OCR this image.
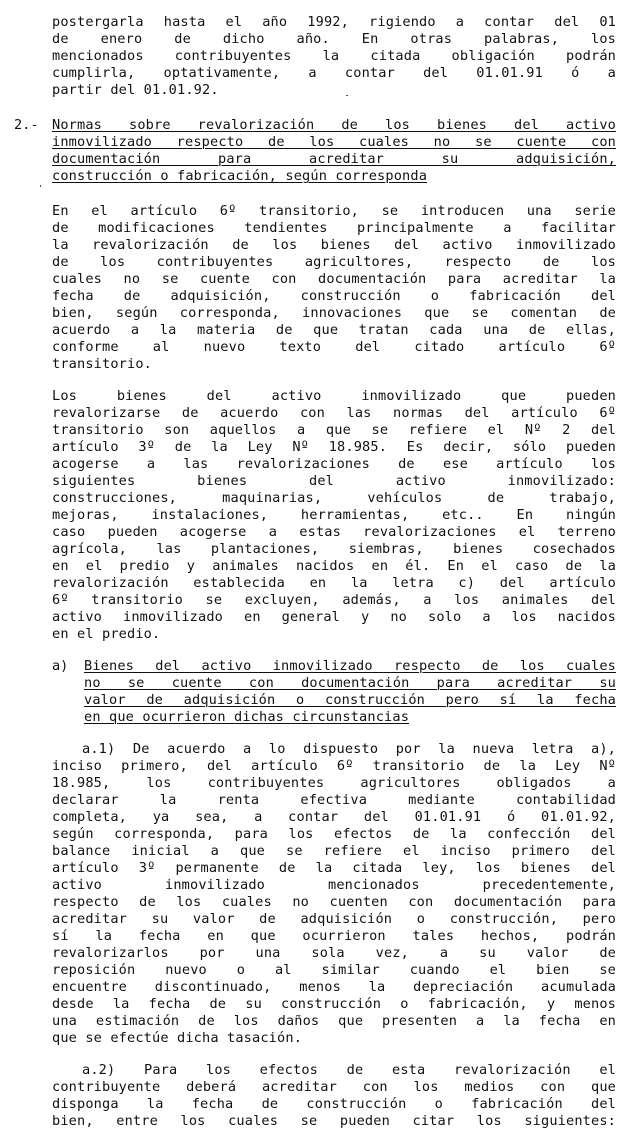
postergarla hasta el año 1992, rigiendo a contar del 01
de enero de dicho año. En otras palabras, los
mencionados contribuyentes la citada obligación podrán
cumplirla, optativamente, a contar del 01.01.91 ó a
partir del 01.01.92.
2.- Normas sobre revalorización de los bienes del activo
inmovilizado respecto de los cuales no se cuente con
documentación para acreditar su adquisición,
construcción o fabricación, según corresponda
En el artículo 6º transitorio, se introducen una serie
de modificaciones tendientes principalmente a facilitar
la revalorización de los bienes del activo inmovilizado
de los contribuyentes agricultores, respecto de los
cuales no se cuente con documentación para acreditar la
fecha de adquisición, construcción o fabricación del
bien, según corresponda, innovaciones que se comentan de
acuerdo a la materia de que tratan cada una de ellas,
conforme al nuevo texto del citado artículo 6º
transitorio.
Los bienes del activo inmovilizado que pueden
revalorizarse de acuerdo con las normas del artículo 6º
transitorio son aquellos a que se refiere el Nº 2 del
artículo 3º de la Ley Nº 18.985. Es decir, sólo pueden
acogerse a las revalorizaciones de ese artículo los
siguientes bienes del activo inmovilizado:
construcciones, maquinarias, vehículos de trabajo,
mejoras, instalaciones, herramientas, etc.. En ningún
caso pueden acogerse a estas revalorizaciones el terreno
agrícola, las plantaciones, siembras, bienes cosechados
en el predio y animales nacidos en él. En el caso de la
revalorización establecida en la letra c) del artículo
6º transitorio se excluyen, además, a los animales del
activo inmovilizado en general y no solo a los nacidos
en el predio.
a) Bienes del activo inmovilizado respecto de los cuales
no se cuente con documentación para acreditar su
valor de adquisición o construcción pero sí la fecha
en que ocurrieron dichas circunstancias
a.1) De acuerdo a lo dispuesto por la nueva letra a),
inciso primero, del artículo 6º transitorio de la Ley Nº
18.985, los contribuyentes agricultores obligados a
declarar la renta efectiva mediante contabilidad
completa, ya sea, a contar del 01.01.91 ó 01.01.92,
según corresponda, para los efectos de la confección del
balance inicial a que se refiere el inciso primero del
artículo 3º permanente de la citada ley, los bienes del
activo inmovilizado mencionados precedentemente,
respecto de los cuales no cuenten con documentación para
acreditar su valor de adquisición o construcción, pero
sí la fecha en que ocurrieron tales hechos, podrán
revalorizarlos por una sola vez, a su valor de
reposición nuevo o al similar cuando el bien se
encuentre discontinuado, menos la depreciación acumulada
desde la fecha de su construcción o fabricación, y menos
una estimación de los daños que presenten a la fecha en
que se efectúe dicha tasación.
a.2) Para los efectos de esta revalorización el
contribuyente deberá acreditar con los medios con que
disponga la fecha de construcción o fabricación del
bien, entre los cuales se pueden citar los siguientes:
